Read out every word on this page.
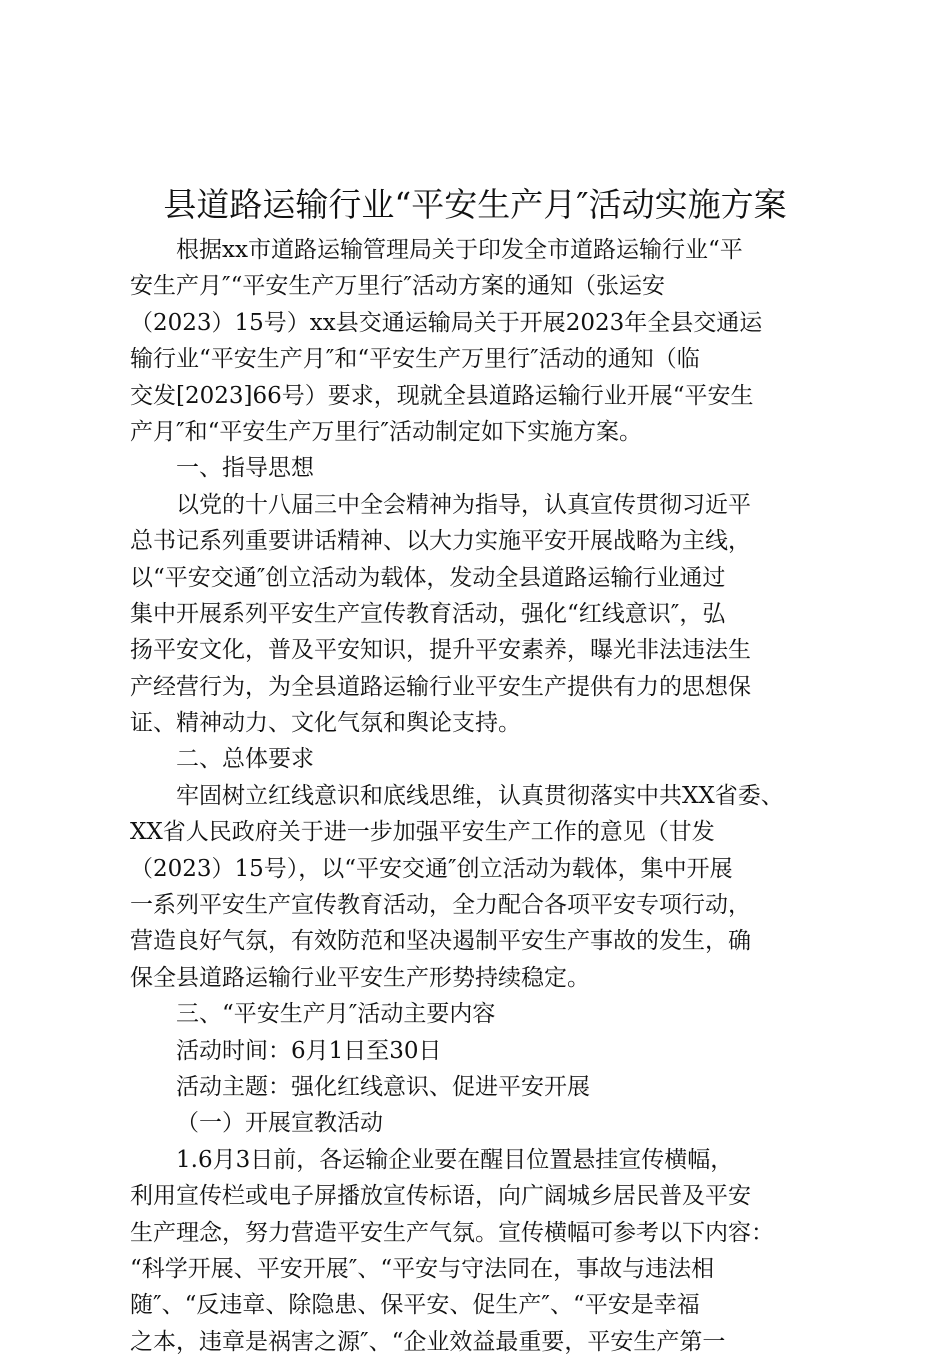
县道路运输行业“平安生产月″活动实施方案
根据xx市道路运输管理局关于印发全市道路运输行业“平
安生产月″“平安生产万里行″活动方案的通知（张运安
（2023）15号）xx县交通运输局关于开展2023年全县交通运
输行业“平安生产月″和“平安生产万里行″活动的通知（临
交发[2023]66号）要求，现就全县道路运输行业开展“平安生
产月″和“平安生产万里行″活动制定如下实施方案。
一、指导思想
以党的十八届三中全会精神为指导，认真宣传贯彻习近平
总书记系列重要讲话精神、以大力实施平安开展战略为主线，
以“平安交通″创立活动为载体，发动全县道路运输行业通过
集中开展系列平安生产宣传教育活动，强化“红线意识″，弘
扬平安文化，普及平安知识，提升平安素养，曝光非法违法生
产经营行为，为全县道路运输行业平安生产提供有力的思想保
证、精神动力、文化气氛和舆论支持。
二、总体要求
牢固树立红线意识和底线思维，认真贯彻落实中共XX省委、
XX省人民政府关于进一步加强平安生产工作的意见（甘发
（2023）15号），以“平安交通″创立活动为载体，集中开展
一系列平安生产宣传教育活动，全力配合各项平安专项行动，
营造良好气氛，有效防范和坚决遏制平安生产事故的发生，确
保全县道路运输行业平安生产形势持续稳定。
三、“平安生产月″活动主要内容
活动时间：6月1日至30日
活动主题：强化红线意识、促进平安开展
（一）开展宣教活动
1.6月3日前，各运输企业要在醒目位置悬挂宣传横幅，
利用宣传栏或电子屏播放宣传标语，向广阔城乡居民普及平安
生产理念，努力营造平安生产气氛。宣传横幅可参考以下内容：
“科学开展、平安开展″、“平安与守法同在，事故与违法相
随″、“反违章、除隐患、保平安、促生产″、“平安是幸福
之本，违章是祸害之源″、“企业效益最重要，平安生产第一
